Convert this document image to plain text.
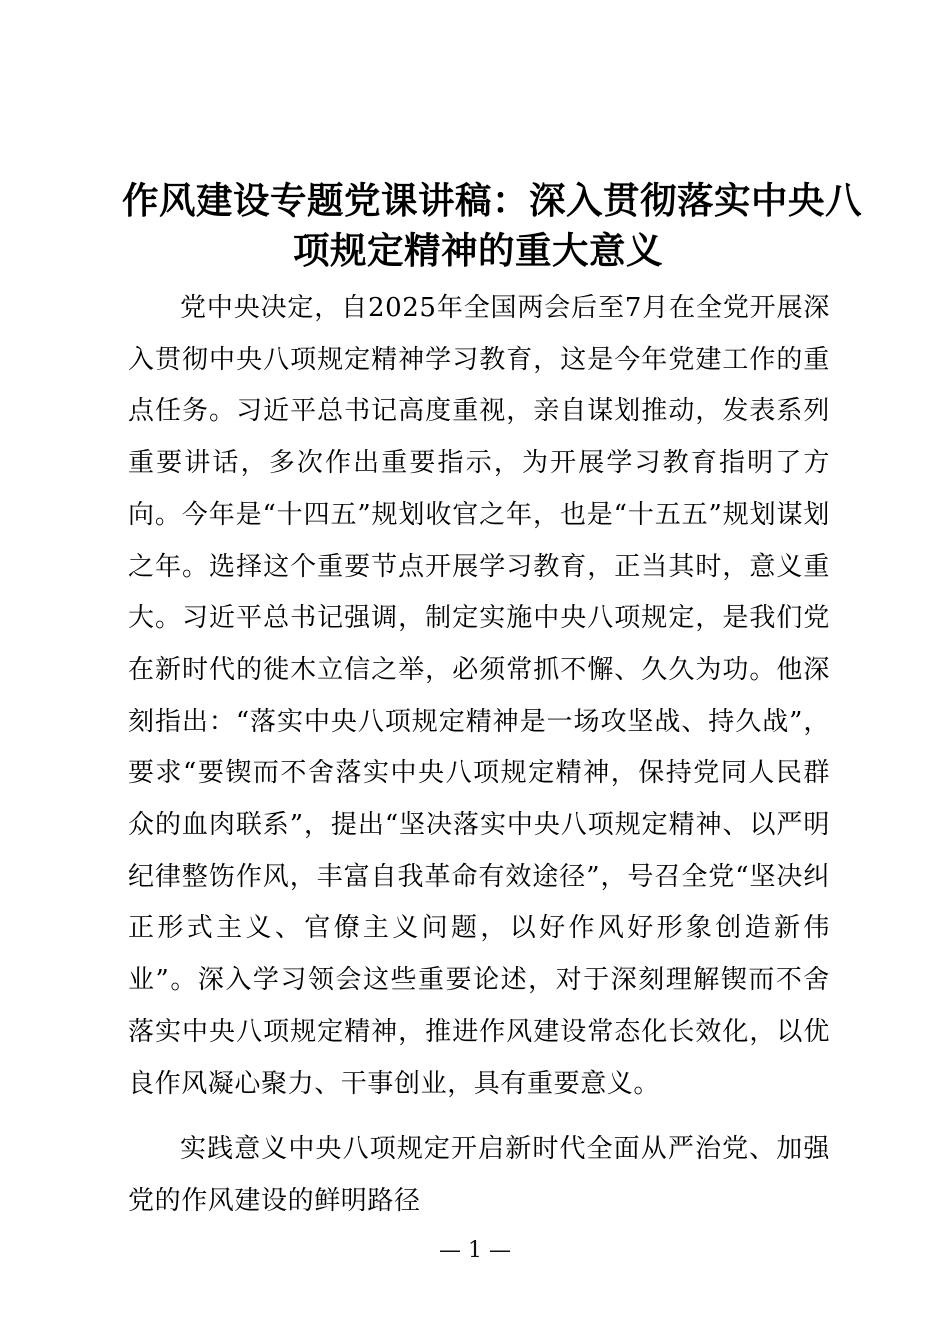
作风建设专题党课讲稿：深入贯彻落实中央八
项规定精神的重大意义

党中央决定，自2025年全国两会后至7月在全党开展深入贯彻中央八项规定精神学习教育，这是今年党建工作的重点任务。习近平总书记高度重视，亲自谋划推动，发表系列重要讲话，多次作出重要指示，为开展学习教育指明了方向。今年是“十四五”规划收官之年，也是“十五五”规划谋划之年。选择这个重要节点开展学习教育，正当其时，意义重大。习近平总书记强调，制定实施中央八项规定，是我们党在新时代的徙木立信之举，必须常抓不懈、久久为功。他深刻指出：“落实中央八项规定精神是一场攻坚战、持久战”，要求“要锲而不舍落实中央八项规定精神，保持党同人民群众的血肉联系”，提出“坚决落实中央八项规定精神、以严明纪律整饬作风，丰富自我革命有效途径”，号召全党“坚决纠正形式主义、官僚主义问题，以好作风好形象创造新伟业”。深入学习领会这些重要论述，对于深刻理解锲而不舍落实中央八项规定精神，推进作风建设常态化长效化，以优良作风凝心聚力、干事创业，具有重要意义。

实践意义中央八项规定开启新时代全面从严治党、加强党的作风建设的鲜明路径

— 1 —
